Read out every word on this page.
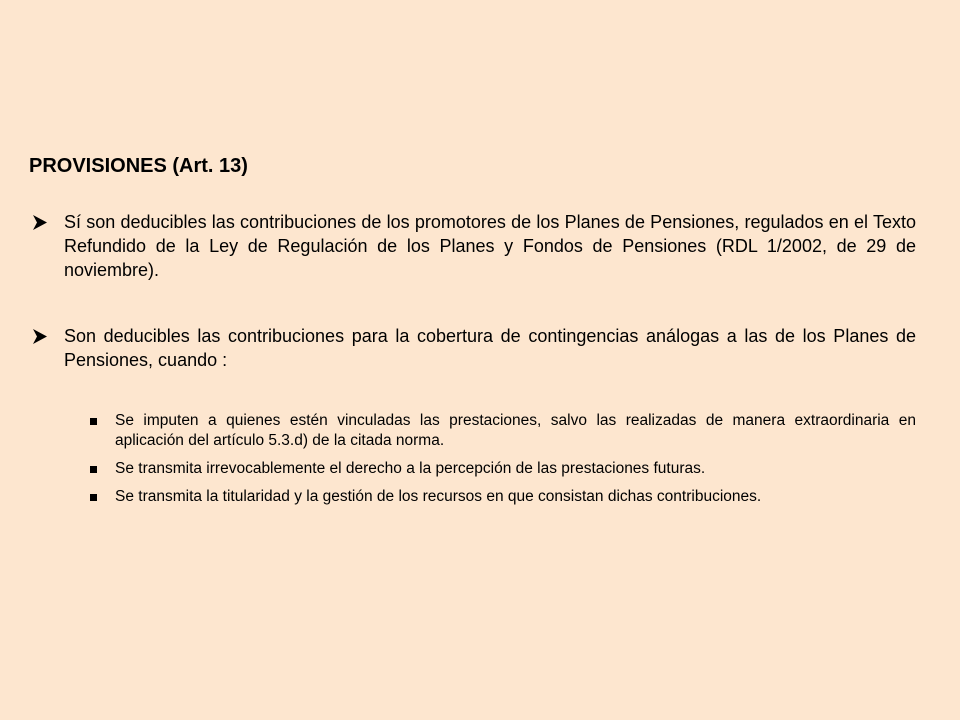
PROVISIONES (Art. 13)
Sí son deducibles las contribuciones de los promotores de los Planes de Pensiones, regulados en el Texto Refundido de la Ley de Regulación de los Planes y Fondos de Pensiones (RDL 1/2002, de 29 de noviembre).
Son deducibles las contribuciones para la cobertura de contingencias análogas a las de los Planes de Pensiones, cuando :
Se imputen a quienes estén vinculadas las prestaciones, salvo las realizadas de manera extraordinaria en aplicación del artículo 5.3.d) de la citada norma.
Se transmita irrevocablemente el derecho a la percepción de las prestaciones futuras.
Se transmita la titularidad y la gestión de los recursos en que consistan dichas contribuciones.
